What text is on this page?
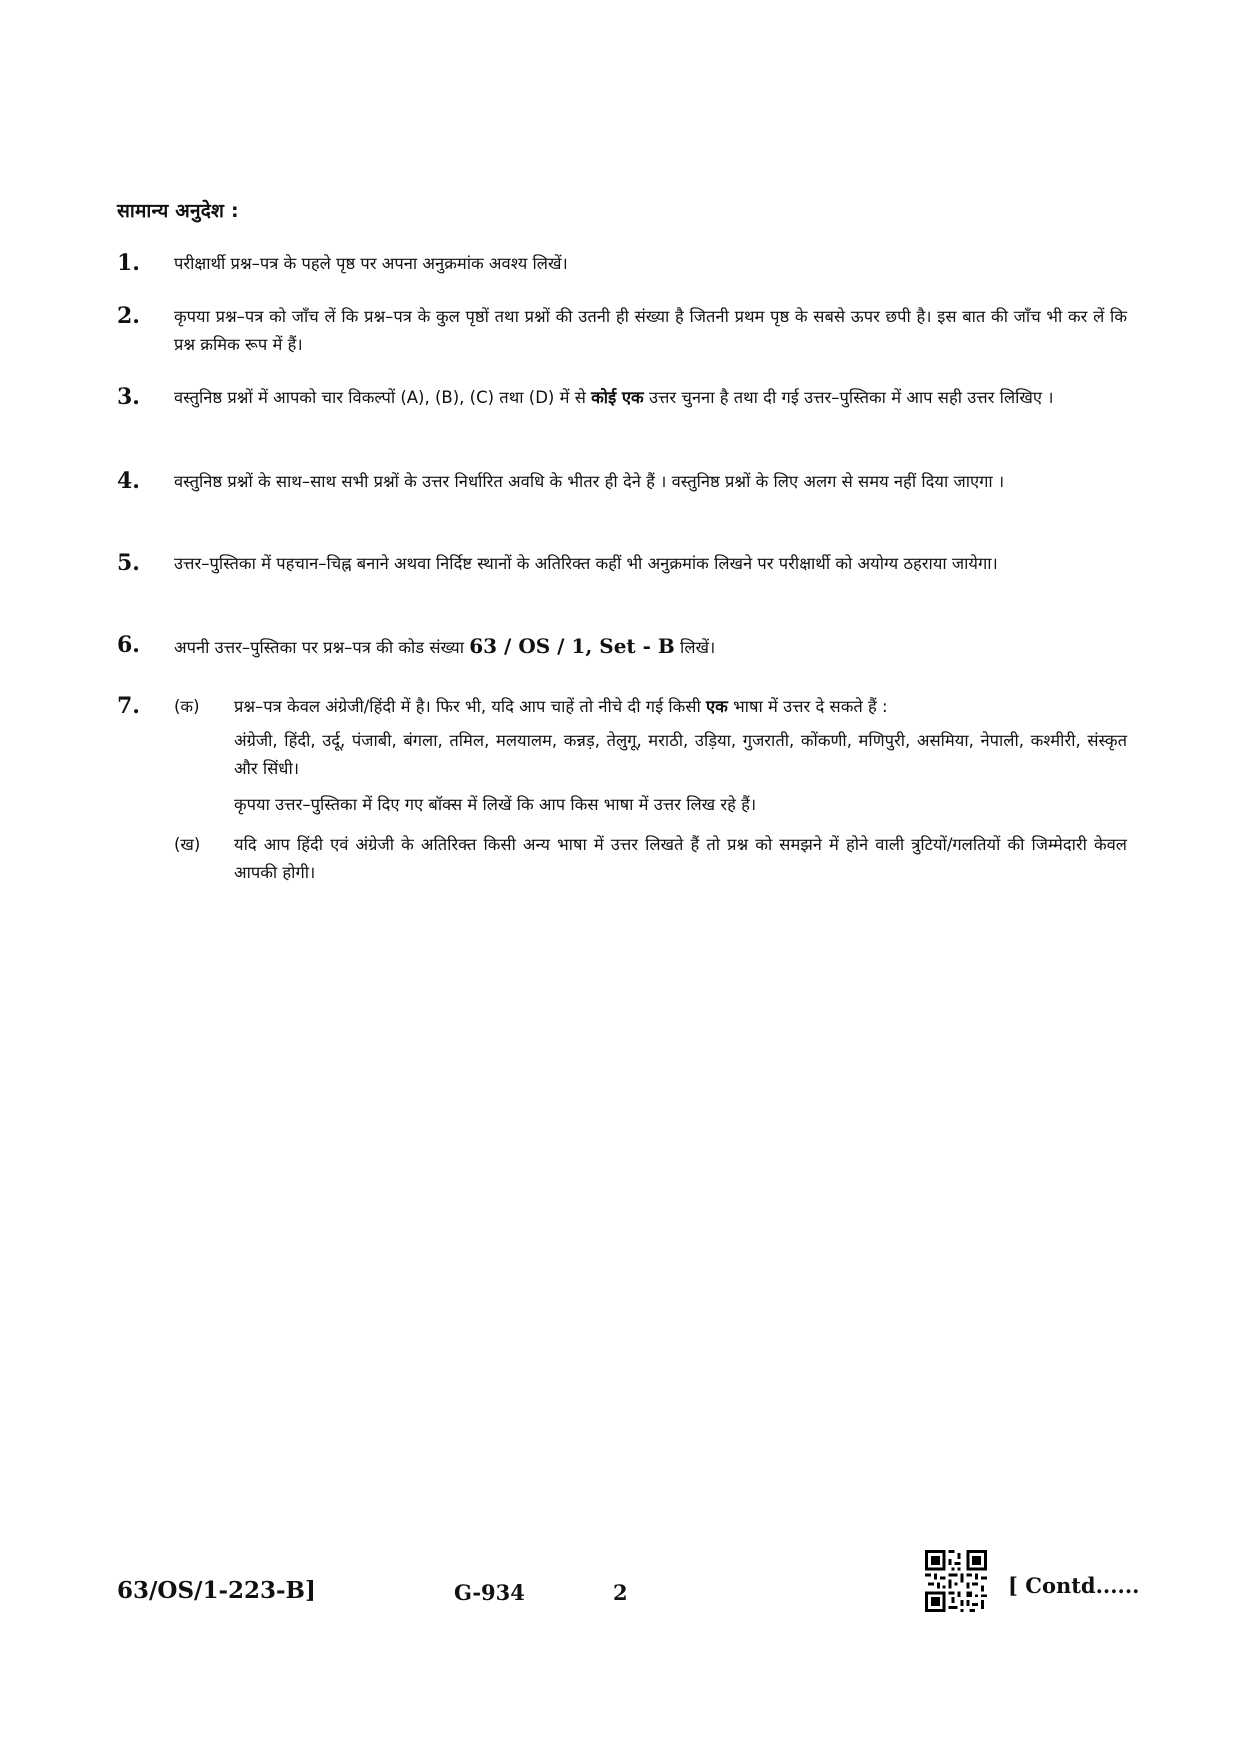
सामान्य अनुदेश :
1. परीक्षार्थी प्रश्न–पत्र के पहले पृष्ठ पर अपना अनुक्रमांक अवश्य लिखें।
2. कृपया प्रश्न–पत्र को जाँच लें कि प्रश्न–पत्र के कुल पृष्ठों तथा प्रश्नों की उतनी ही संख्या है जितनी प्रथम पृष्ठ के सबसे ऊपर छपी है। इस बात की जाँच भी कर लें कि प्रश्न क्रमिक रूप में हैं।
3. वस्तुनिष्ठ प्रश्नों में आपको चार विकल्पों (A), (B), (C) तथा (D) में से कोई एक उत्तर चुनना है तथा दी गई उत्तर–पुस्तिका में आप सही उत्तर लिखिए ।
4. वस्तुनिष्ठ प्रश्नों के साथ–साथ सभी प्रश्नों के उत्तर निर्धारित अवधि के भीतर ही देने हैं । वस्तुनिष्ठ प्रश्नों के लिए अलग से समय नहीं दिया जाएगा ।
5. उत्तर–पुस्तिका में पहचान–चिह्न बनाने अथवा निर्दिष्ट स्थानों के अतिरिक्त कहीं भी अनुक्रमांक लिखने पर परीक्षार्थी को अयोग्य ठहराया जायेगा।
6. अपनी उत्तर–पुस्तिका पर प्रश्न–पत्र की कोड संख्या 63 / OS / 1, Set - B लिखें।
7. (क) प्रश्न–पत्र केवल अंग्रेजी/हिंदी में है। फिर भी, यदि आप चाहें तो नीचे दी गई किसी एक भाषा में उत्तर दे सकते हैं :
अंग्रेजी, हिंदी, उर्दू, पंजाबी, बंगला, तमिल, मलयालम, कन्नड़, तेलुगू, मराठी, उड़िया, गुजराती, कोंकणी, मणिपुरी, असमिया, नेपाली, कश्मीरी, संस्कृत और सिंधी।
कृपया उत्तर–पुस्तिका में दिए गए बॉक्स में लिखें कि आप किस भाषा में उत्तर लिख रहे हैं।
(ख) यदि आप हिंदी एवं अंग्रेजी के अतिरिक्त किसी अन्य भाषा में उत्तर लिखते हैं तो प्रश्न को समझने में होने वाली त्रुटियों/गलतियों की जिम्मेदारी केवल आपकी होगी।
63/OS/1-223-B]	G-934	2	[ Contd......
